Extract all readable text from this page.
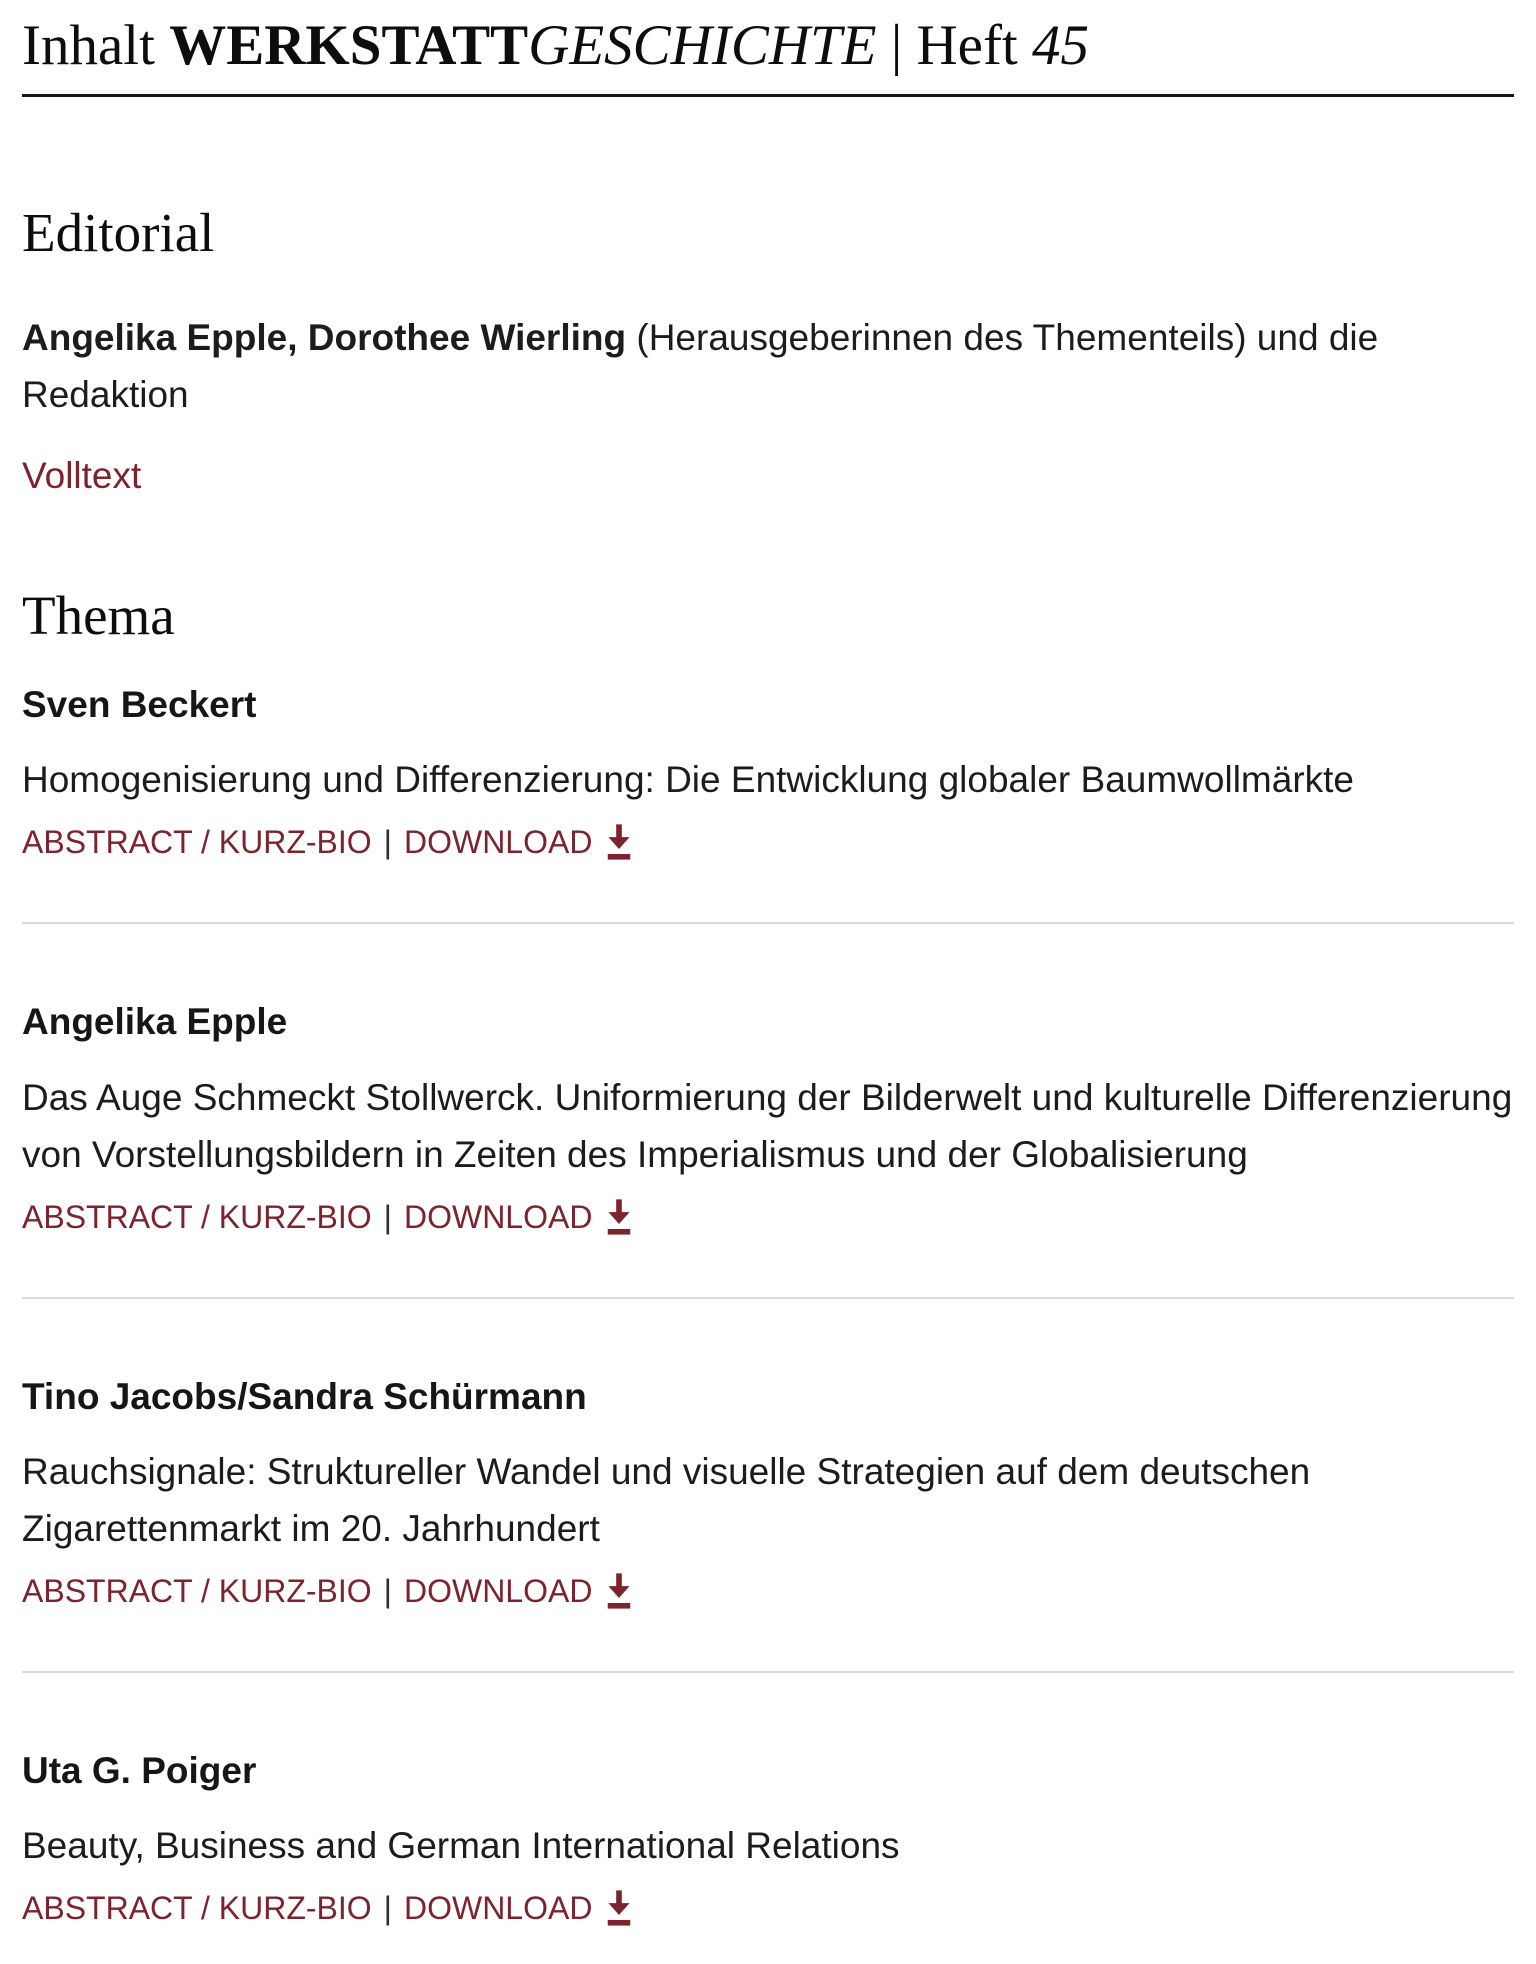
Inhalt WERKSTATTGESCHICHTE | Heft 45
Editorial

Angelika Epple, Dorothee Wierling (Herausgeberinnen des Thementeils) und die Redaktion

Volltext
Thema
Sven Beckert

Homogenisierung und Differenzierung: Die Entwicklung globaler Baumwollmärkte

ABSTRACT / KURZ-BIO | DOWNLOAD
Angelika Epple

Das Auge Schmeckt Stollwerck. Uniformierung der Bilderwelt und kulturelle Differenzierung von Vorstellungsbildern in Zeiten des Imperialismus und der Globalisierung

ABSTRACT / KURZ-BIO | DOWNLOAD
Tino Jacobs/Sandra Schürmann

Rauchsignale: Struktureller Wandel und visuelle Strategien auf dem deutschen Zigarettenmarkt im 20. Jahrhundert

ABSTRACT / KURZ-BIO | DOWNLOAD
Uta G. Poiger

Beauty, Business and German International Relations

ABSTRACT / KURZ-BIO | DOWNLOAD
